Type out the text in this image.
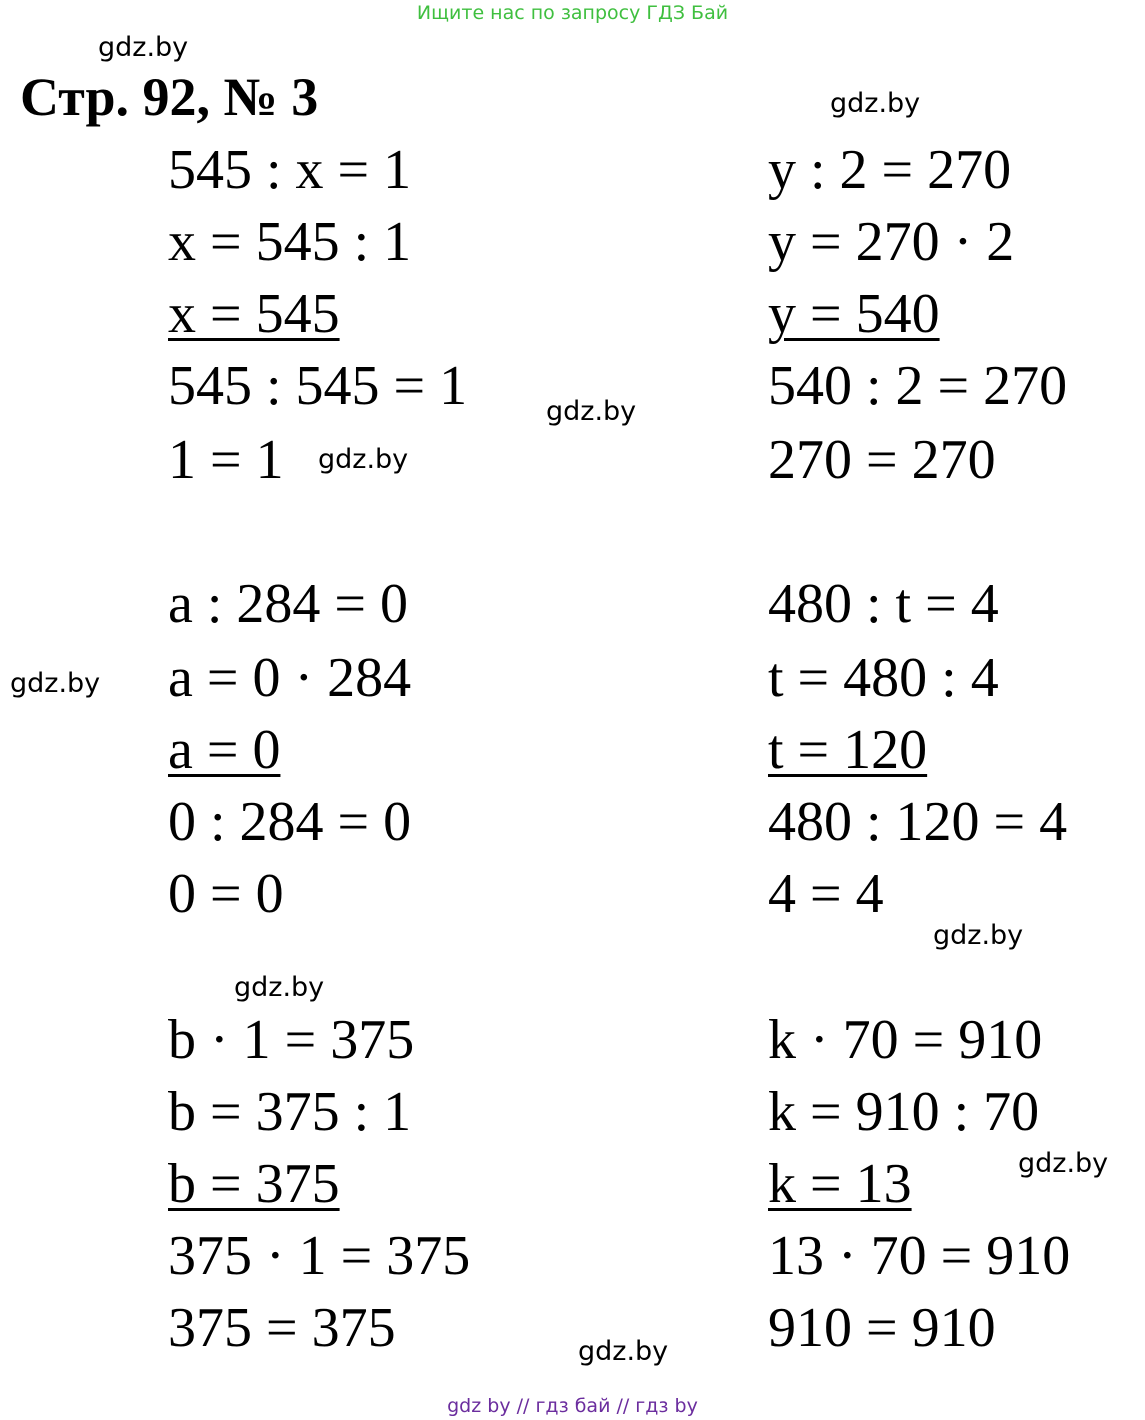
Ищите нас по запросу ГДЗ Бай
Стр. 92, № 3
gdz.by
gdz.by
gdz.by
gdz.by
gdz.by
gdz.by
gdz.by
gdz.by
gdz.by
545 : x = 1
x = 545 : 1
x = 545
545 : 545 = 1
1 = 1
y : 2 = 270
y = 270 · 2
y = 540
540 : 2 = 270
270 = 270
a : 284 = 0
a = 0 · 284
a = 0
0 : 284 = 0
0 = 0
480 : t = 4
t = 480 : 4
t = 120
480 : 120 = 4
4 = 4
b · 1 = 375
b = 375 : 1
b = 375
375 · 1 = 375
375 = 375
k · 70 = 910
k = 910 : 70
k = 13
13 · 70 = 910
910 = 910
gdz by // гдз бай // гдз by
